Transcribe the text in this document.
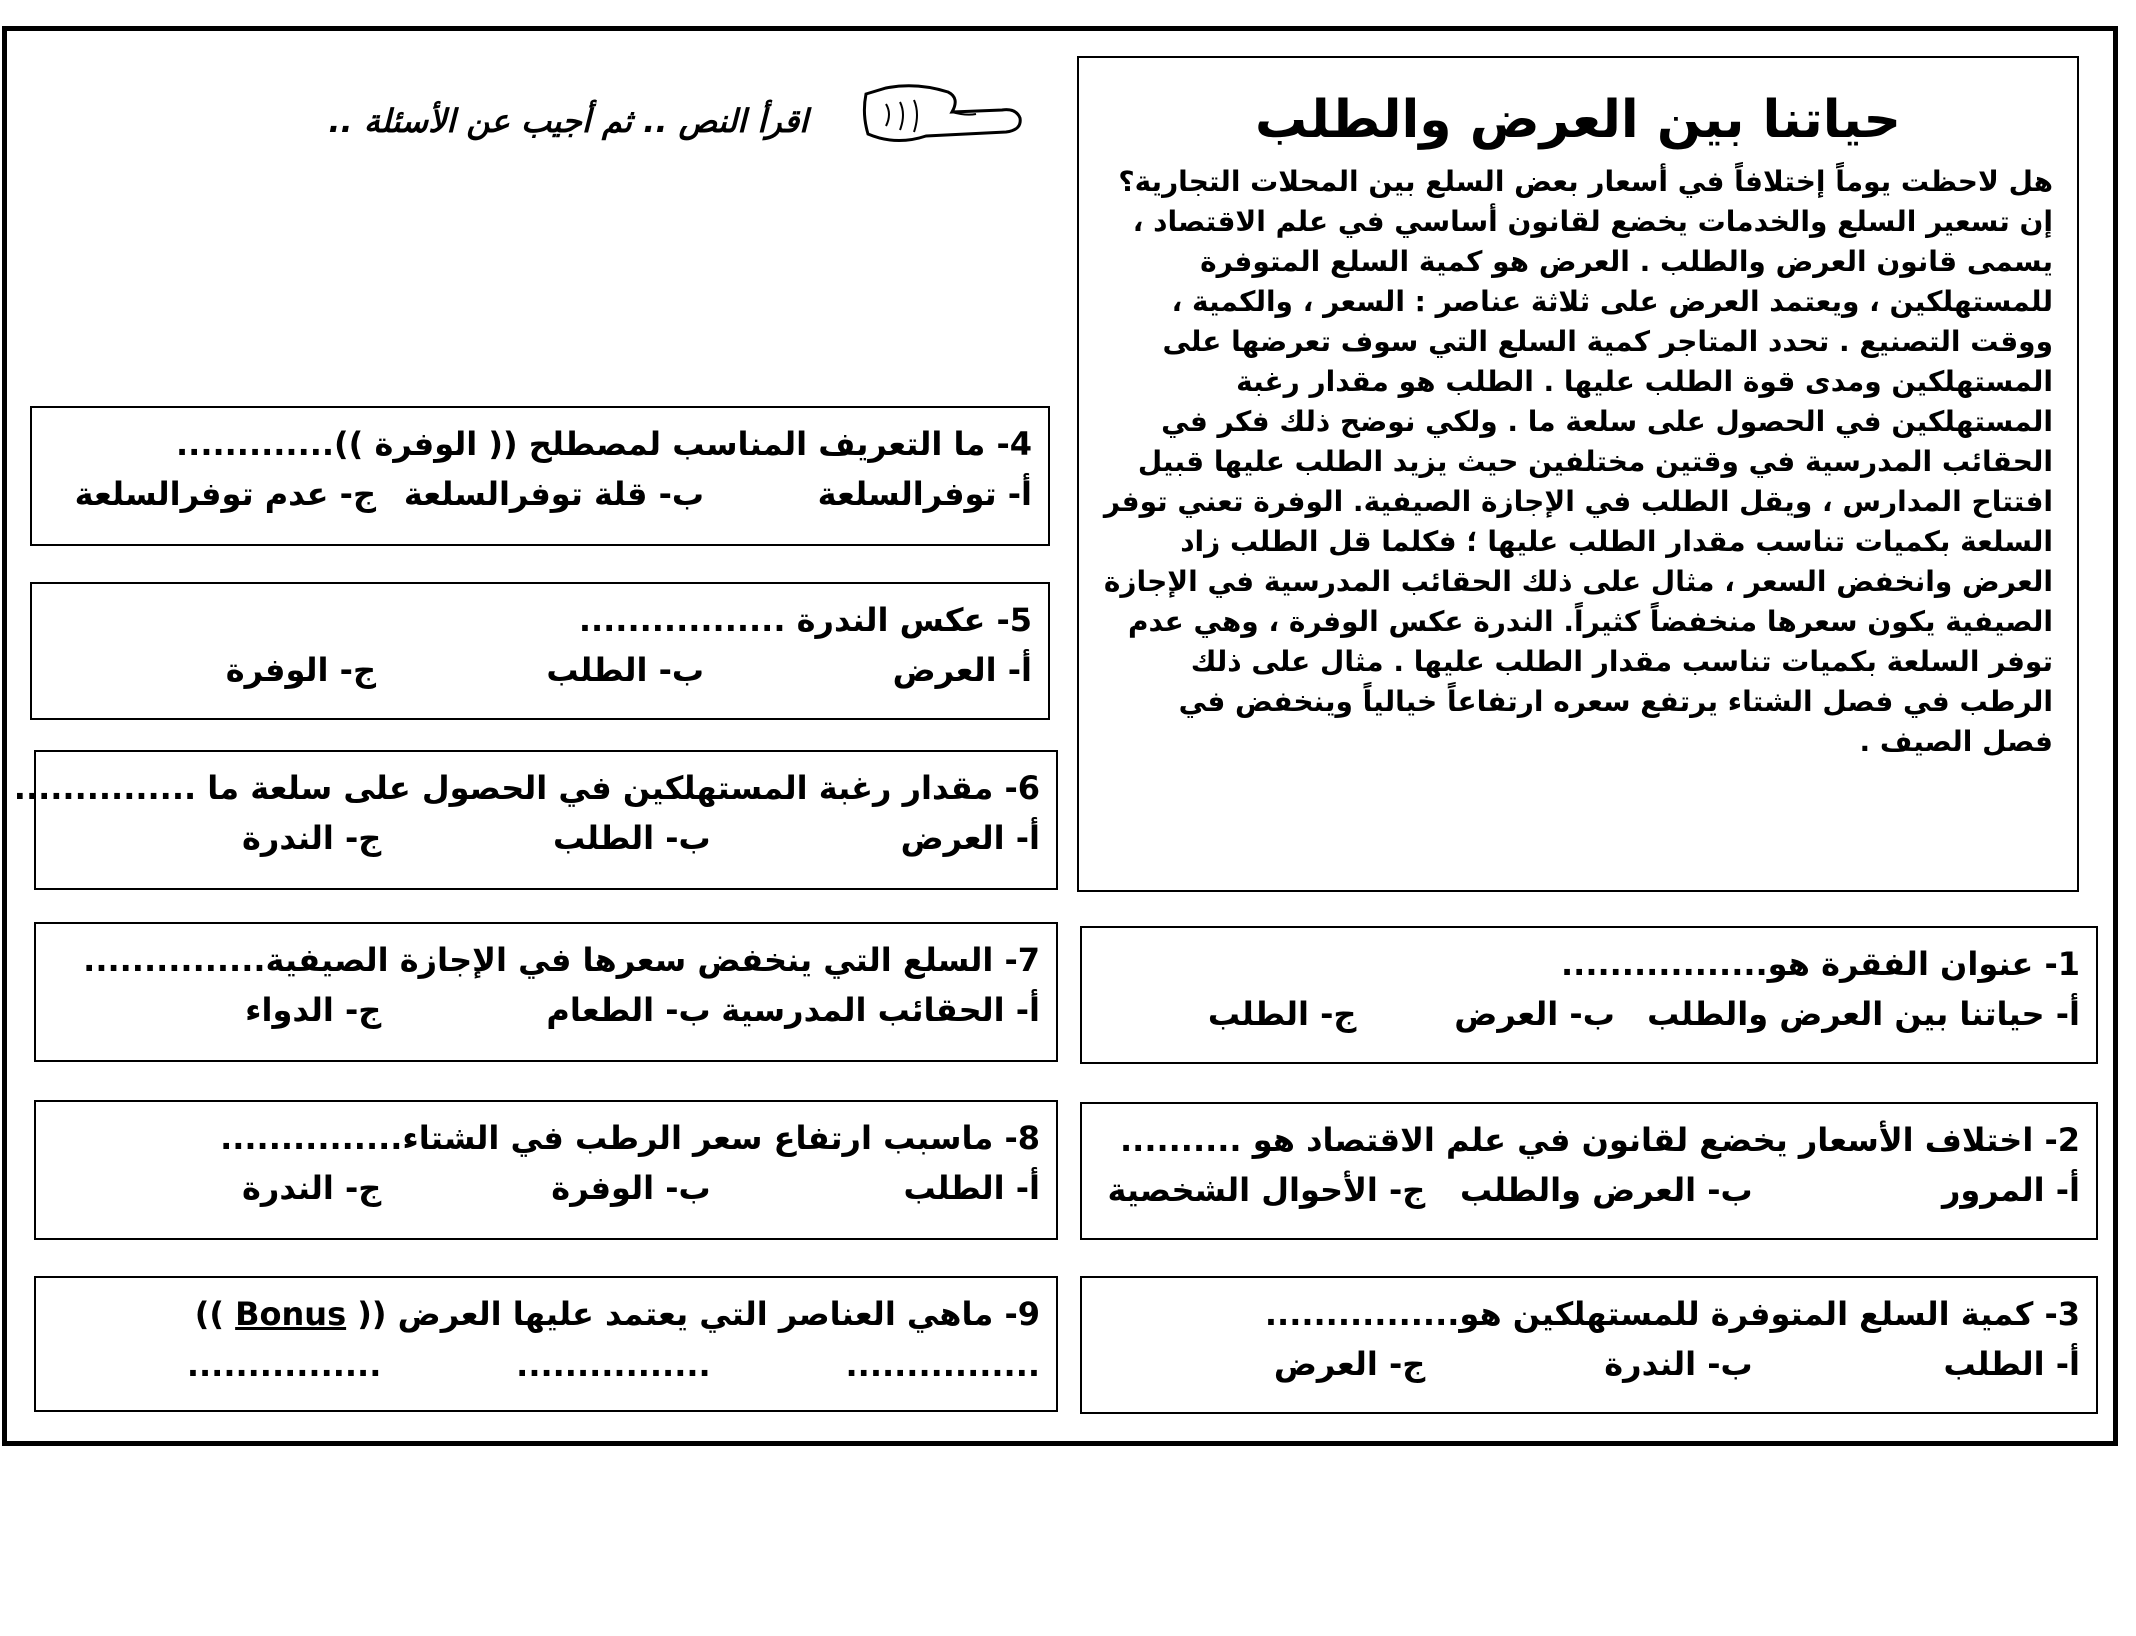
اقرأ النص .. ثم أجيب عن الأسئلة ..	حياتنا بين العرض والطلب

هل لاحظت يوماً إختلافاً في أسعار بعض السلع بين المحلات التجارية؟ إن تسعير السلع والخدمات يخضع لقانون أساسي في علم الاقتصاد ، يسمى قانون العرض والطلب . العرض هو كمية السلع المتوفرة للمستهلكين ، ويعتمد العرض على ثلاثة عناصر : السعر ، والكمية ، ووقت التصنيع . تحدد المتاجر كمية السلع التي سوف تعرضها على المستهلكين ومدى قوة الطلب عليها . الطلب هو مقدار رغبة المستهلكين في الحصول على سلعة ما . ولكي نوضح ذلك فكر في الحقائب المدرسية في وقتين مختلفين حيث يزيد الطلب عليها قبيل افتتاح المدارس ، ويقل الطلب في الإجازة الصيفية. الوفرة تعني توفر السلعة بكميات تناسب مقدار الطلب عليها ؛ فكلما قل الطلب زاد العرض وانخفض السعر ، مثال على ذلك الحقائب المدرسية في الإجازة الصيفية يكون سعرها منخفضاً كثيراً. الندرة عكس الوفرة ، وهي عدم توفر السلعة بكميات تناسب مقدار الطلب عليها . مثال على ذلك الرطب في فصل الشتاء يرتفع سعره ارتفاعاً خيالياً وينخفض في فصل الصيف .

1- عنوان الفقرة هو.................
أ- حياتنا بين العرض والطلب
ب- العرض
ج- الطلب
2- اختلاف الأسعار يخضع لقانون في علم الاقتصاد هو ..........
أ- المرور
ب- العرض والطلب
ج- الأحوال الشخصية
3- كمية السلع المتوفرة للمستهلكين هو................
أ- الطلب
ب- الندرة
ج- العرض
4- ما التعريف المناسب لمصطلح (( الوفرة )).............
أ- توفرالسلعة
ب- قلة توفرالسلعة
ج- عدم توفرالسلعة
5- عكس الندرة .................
أ- العرض
ب- الطلب
ج- الوفرة
6- مقدار رغبة المستهلكين في الحصول على سلعة ما ...............
أ- العرض
ب- الطلب
ج- الندرة
7- السلع التي ينخفض سعرها في الإجازة الصيفية...............
أ- الحقائب المدرسية
ب- الطعام
ج- الدواء
8- ماسبب ارتفاع سعر الرطب في الشتاء...............
أ- الطلب
ب- الوفرة
ج- الندرة
9- ماهي العناصر التي يعتمد عليها العرض (( Bonus ))
................
................
................
